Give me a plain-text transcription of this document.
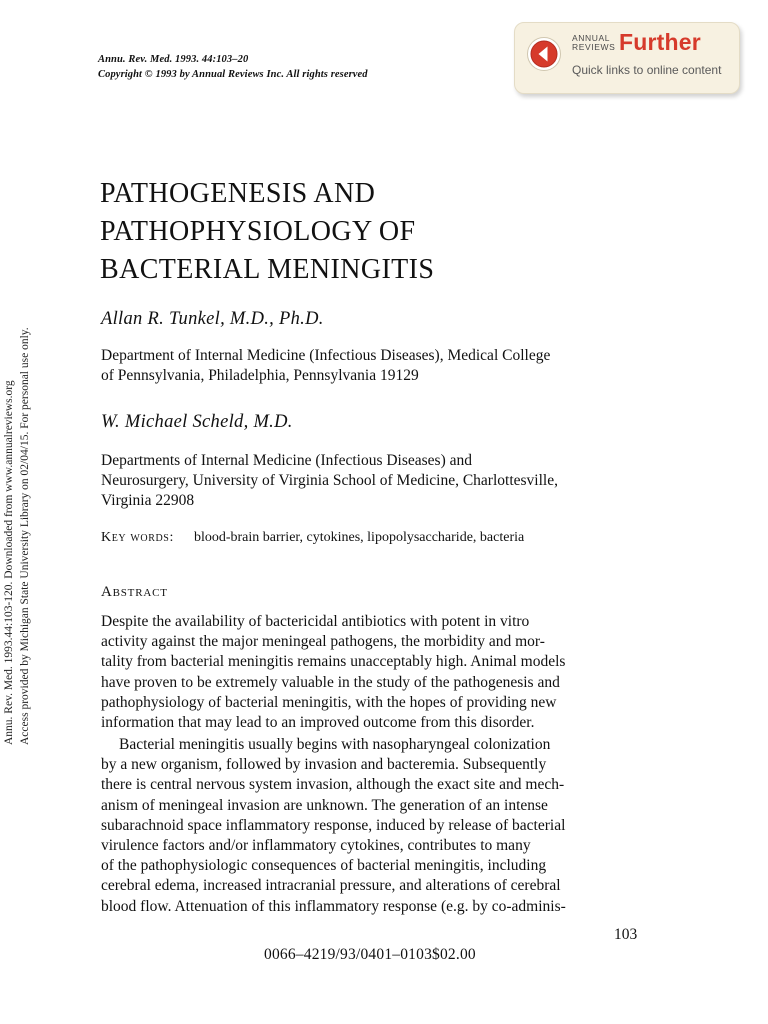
Annu. Rev. Med. 1993. 44:103–20
Copyright © 1993 by Annual Reviews Inc. All rights reserved
ANNUAL
REVIEWS Further
Quick links to online content
Annu. Rev. Med. 1993.44:103-120. Downloaded from www.annualreviews.org Access provided by Michigan State University Library on 02/04/15. For personal use only.
PATHOGENESIS AND
PATHOPHYSIOLOGY OF
BACTERIAL MENINGITIS
Allan R. Tunkel, M.D., Ph.D.
Department of Internal Medicine (Infectious Diseases), Medical College
of Pennsylvania, Philadelphia, Pennsylvania 19129
W. Michael Scheld, M.D.
Departments of Internal Medicine (Infectious Diseases) and
Neurosurgery, University of Virginia School of Medicine, Charlottesville,
Virginia 22908
Key words: blood-brain barrier, cytokines, lipopolysaccharide, bacteria
Abstract
Despite the availability of bactericidal antibiotics with potent in vitro
activity against the major meningeal pathogens, the morbidity and mor-
tality from bacterial meningitis remains unacceptably high. Animal models
have proven to be extremely valuable in the study of the pathogenesis and
pathophysiology of bacterial meningitis, with the hopes of providing new
information that may lead to an improved outcome from this disorder.
Bacterial meningitis usually begins with nasopharyngeal colonization
by a new organism, followed by invasion and bacteremia. Subsequently
there is central nervous system invasion, although the exact site and mech-
anism of meningeal invasion are unknown. The generation of an intense
subarachnoid space inflammatory response, induced by release of bacterial
virulence factors and/or inflammatory cytokines, contributes to many
of the pathophysiologic consequences of bacterial meningitis, including
cerebral edema, increased intracranial pressure, and alterations of cerebral
blood flow. Attenuation of this inflammatory response (e.g. by co-adminis-
103
0066–4219/93/0401–0103$02.00
